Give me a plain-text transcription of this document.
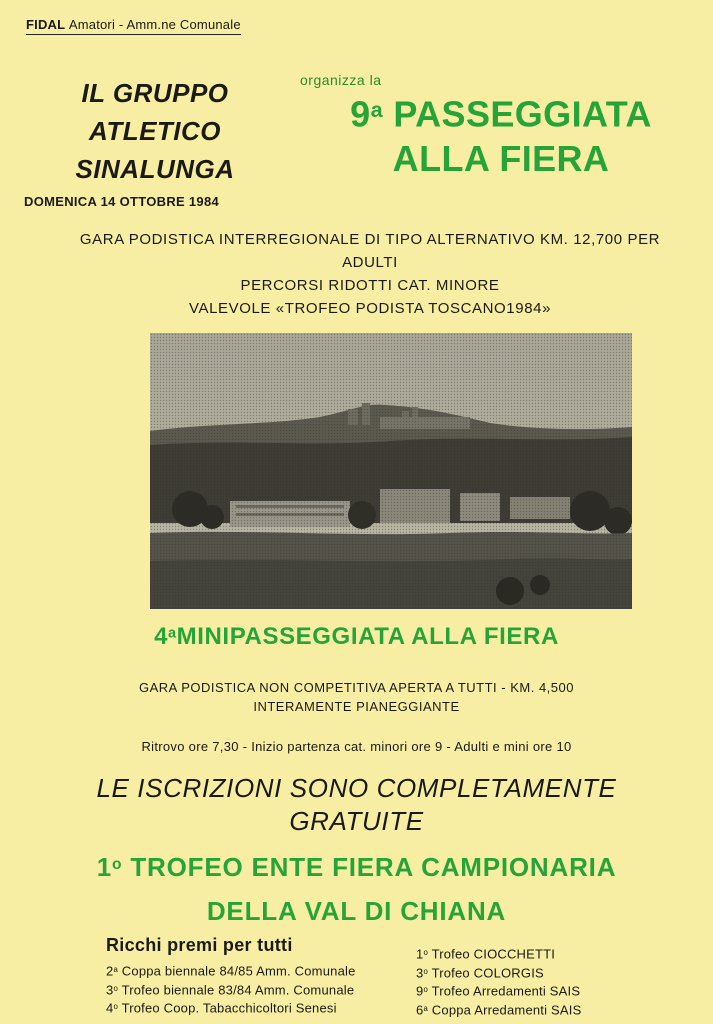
FIDAL Amatori - Amm.ne Comunale
IL GRUPPO
ATLETICO
SINALUNGA
organizza la
9$^a$ PASSEGGIATA
ALLA FIERA
DOMENICA 14 OTTOBRE 1984
GARA PODISTICA INTERREGIONALE DI TIPO ALTERNATIVO KM. 12,700 PER
ADULTI
PERCORSI RIDOTTI CAT. MINORE
VALEVOLE «TROFEO PODISTA TOSCANO1984»
4$^a$MINIPASSEGGIATA ALLA FIERA
GARA PODISTICA NON COMPETITIVA APERTA A TUTTI - KM. 4,500
INTERAMENTE PIANEGGIANTE
Ritrovo ore 7,30 - Inizio partenza cat. minori ore 9 - Adulti e mini ore 10
LE ISCRIZIONI SONO COMPLETAMENTE
GRATUITE
1$^o$ TROFEO ENTE FIERA CAMPIONARIA
DELLA VAL DI CHIANA
Ricchi premi per tutti
2$^a$ Coppa biennale 84/85 Amm. Comunale
3$^o$ Trofeo biennale 83/84 Amm. Comunale
4$^o$ Trofeo Coop. Tabacchicoltori Senesi
1$^o$ Trofeo CIOCCHETTI
3$^o$ Trofeo COLORGIS
9$^o$ Trofeo Arredamenti SAIS
6$^a$ Coppa Arredamenti SAIS
